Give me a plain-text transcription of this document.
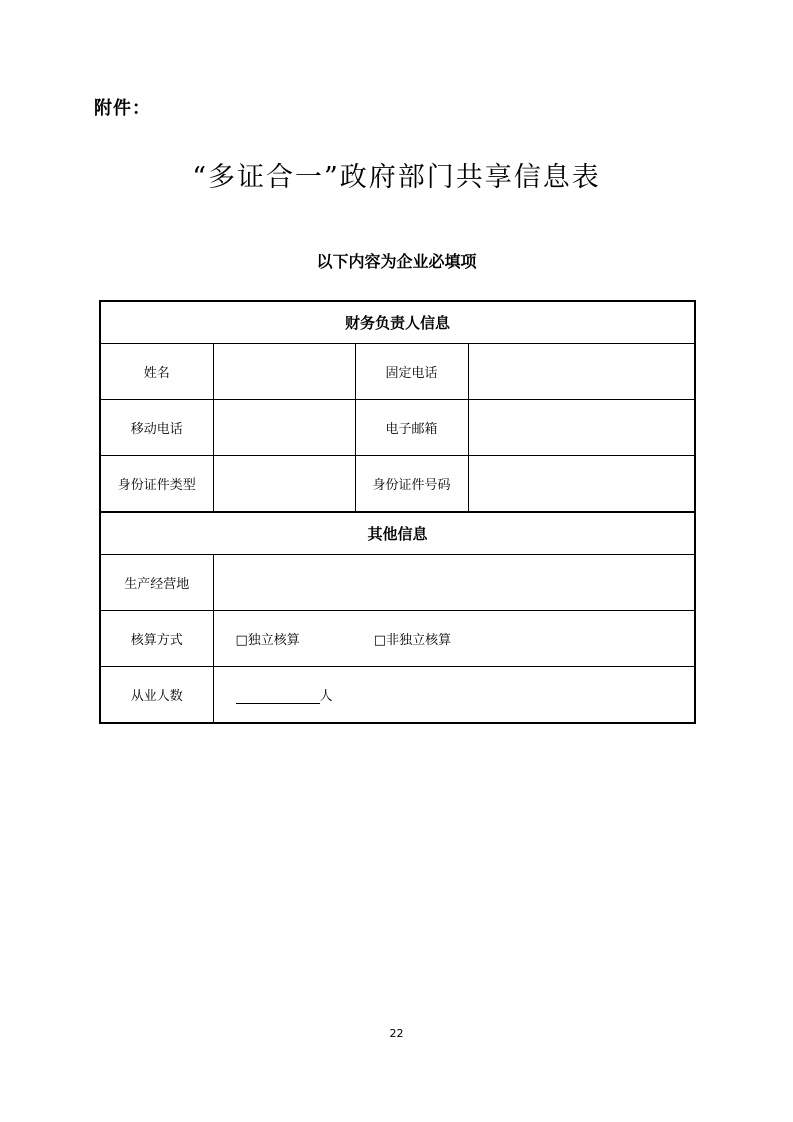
附件：
“多证合一”政府部门共享信息表
以下内容为企业必填项
财务负责人信息			
姓名		固定电话	
移动电话		电子邮箱	
身份证件类型		身份证件号码	
其他信息			
生产经营地			
核算方式	□独立核算 □非独立核算		
从业人数	人		
22
